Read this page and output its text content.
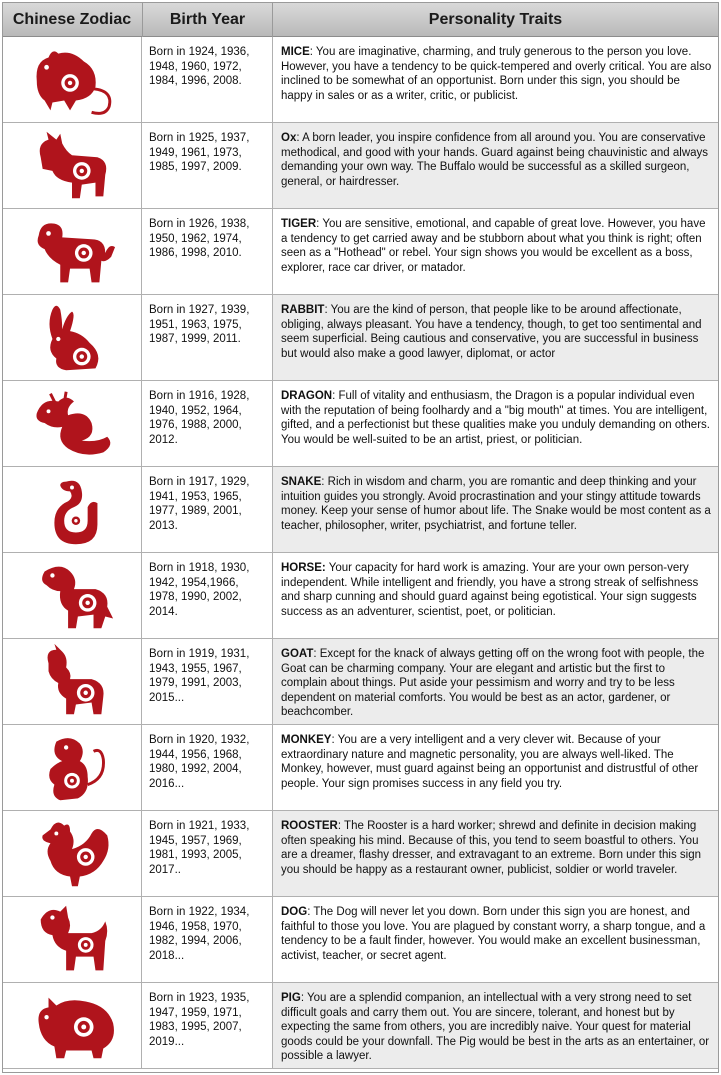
Chinese Zodiac	Birth Year	Personality Traits
Born in 1924, 1936, 1948, 1960, 1972, 1984, 1996, 2008.
MICE: You are imaginative, charming, and truly generous to the person you love. However, you have a tendency to be quick-tempered and overly critical. You are also inclined to be somewhat of an opportunist. Born under this sign, you should be happy in sales or as a writer, critic, or publicist.
Born in 1925, 1937, 1949, 1961, 1973, 1985, 1997, 2009.
Ox: A born leader, you inspire confidence from all around you. You are conservative methodical, and good with your hands. Guard against being chauvinistic and always demanding your own way. The Buffalo would be successful as a skilled surgeon, general, or hairdresser.
Born in 1926, 1938, 1950, 1962, 1974, 1986, 1998, 2010.
TIGER: You are sensitive, emotional, and capable of great love. However, you have a tendency to get carried away and be stubborn about what you think is right; often seen as a "Hothead" or rebel. Your sign shows you would be excellent as a boss, explorer, race car driver, or matador.
Born in 1927, 1939, 1951, 1963, 1975, 1987, 1999, 2011.
RABBIT: You are the kind of person, that people like to be around affectionate, obliging, always pleasant. You have a tendency, though, to get too sentimental and seem superficial. Being cautious and conservative, you are successful in business but would also make a good lawyer, diplomat, or actor
Born in 1916, 1928, 1940, 1952, 1964, 1976, 1988, 2000, 2012.
DRAGON: Full of vitality and enthusiasm, the Dragon is a popular individual even with the reputation of being foolhardy and a "big mouth" at times. You are intelligent, gifted, and a perfectionist but these qualities make you unduly demanding on others. You would be well-suited to be an artist, priest, or politician.
Born in 1917, 1929, 1941, 1953, 1965, 1977, 1989, 2001, 2013.
SNAKE: Rich in wisdom and charm, you are romantic and deep thinking and your intuition guides you strongly. Avoid procrastination and your stingy attitude towards money. Keep your sense of humor about life. The Snake would be most content as a teacher, philosopher, writer, psychiatrist, and fortune teller.
Born in 1918, 1930, 1942, 1954,1966, 1978, 1990, 2002, 2014.
HORSE: Your capacity for hard work is amazing. Your are your own person-very independent. While intelligent and friendly, you have a strong streak of selfishness and sharp cunning and should guard against being egotistical. Your sign suggests success as an adventurer, scientist, poet, or politician.
Born in 1919, 1931, 1943, 1955, 1967, 1979, 1991, 2003, 2015...
GOAT: Except for the knack of always getting off on the wrong foot with people, the Goat can be charming company. Your are elegant and artistic but the first to complain about things. Put aside your pessimism and worry and try to be less dependent on material comforts. You would be best as an actor, gardener, or beachcomber.
Born in 1920, 1932, 1944, 1956, 1968, 1980, 1992, 2004, 2016...
MONKEY: You are a very intelligent and a very clever wit. Because of your extraordinary nature and magnetic personality, you are always well-liked. The Monkey, however, must guard against being an opportunist and distrustful of other people. Your sign promises success in any field you try.
Born in 1921, 1933, 1945, 1957, 1969, 1981, 1993, 2005, 2017..
ROOSTER: The Rooster is a hard worker; shrewd and definite in decision making often speaking his mind. Because of this, you tend to seem boastful to others. You are a dreamer, flashy dresser, and extravagant to an extreme. Born under this sign you should be happy as a restaurant owner, publicist, soldier or world traveler.
Born in 1922, 1934, 1946, 1958, 1970, 1982, 1994, 2006, 2018...
DOG: The Dog will never let you down. Born under this sign you are honest, and faithful to those you love. You are plagued by constant worry, a sharp tongue, and a tendency to be a fault finder, however. You would make an excellent businessman, activist, teacher, or secret agent.
Born in 1923, 1935, 1947, 1959, 1971, 1983, 1995, 2007, 2019...
PIG: You are a splendid companion, an intellectual with a very strong need to set difficult goals and carry them out. You are sincere, tolerant, and honest but by expecting the same from others, you are incredibly naive. Your quest for material goods could be your downfall. The Pig would be best in the arts as an entertainer, or possible a lawyer.
